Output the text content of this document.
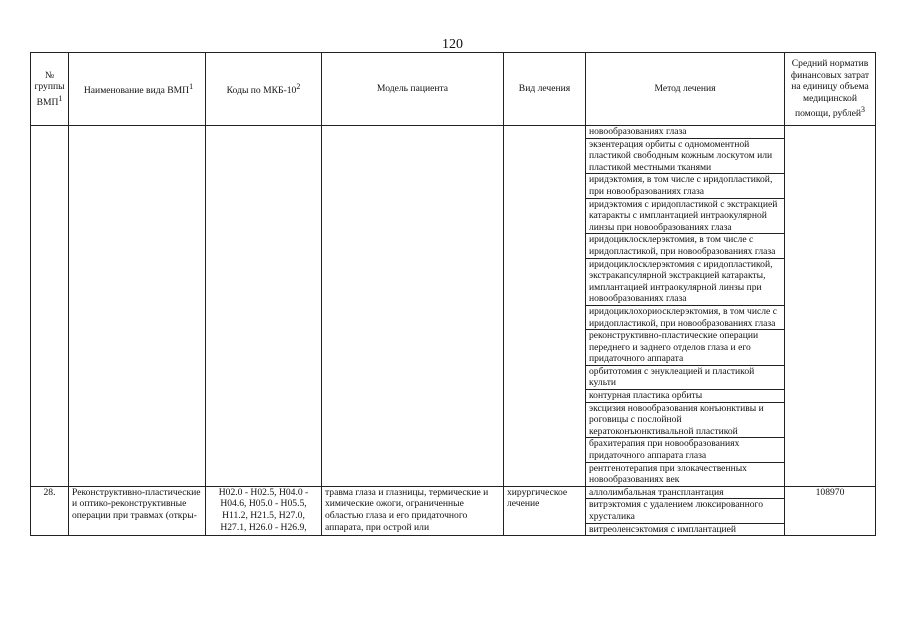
120
№ группы ВМП$^1$	Наименование вида ВМП$^1$	Коды по МКБ-$10^2$	Модель пациента	Вид лечения	Метод лечения	Средний норматив финансовых затрат на единицу объема медицинской помощи, рублей$^3$
					новообразованиях глаза	
					экзентерация орбиты с одномоментной пластикой свободным кожным лоскутом или пластикой местными тканями	
					иридэктомия, в том числе с иридопластикой, при новообразованиях глаза	
					иридэктомия с иридопластикой с экстракцией катаракты с имплантацией интраокулярной линзы при новообразованиях глаза	
					иридоциклосклерэктомия, в том числе с иридопластикой, при новообразованиях глаза	
					иридоциклосклерэктомия с иридопластикой, экстракапсулярной экстракцией катаракты, имплантацией интраокулярной линзы при новообразованиях глаза	
					иридоциклохориосклерэктомия, в том числе с иридопластикой, при новообразованиях глаза	
					реконструктивно-пластические операции переднего и заднего отделов глаза и его придаточного аппарата	
					орбитотомия с энуклеацией и пластикой культи	
					контурная пластика орбиты	
					эксцизия новообразования конъюнктивы и роговицы с послойной кератоконъюнктивальной пластикой	
					брахитерапия при новообразованиях придаточного аппарата глаза	
					рентгенотерапия при злокачественных новообразованиях век	
28.	Реконструктивно-пластические и оптико-реконструктивные операции при травмах (откры-	H02.0 - H02.5, H04.0 - H04.6, H05.0 - H05.5, H11.2, H21.5, H27.0, H27.1, H26.0 - H26.9,	травма глаза и глазницы, термические и химические ожоги, ограниченные областью глаза и его придаточного аппарата, при острой или	хирургическое лечение	аллолимбальная трансплантация	108970
					витрэктомия с удалением люксированного хрусталика	
					витреоленсэктомия с имплантацией	
